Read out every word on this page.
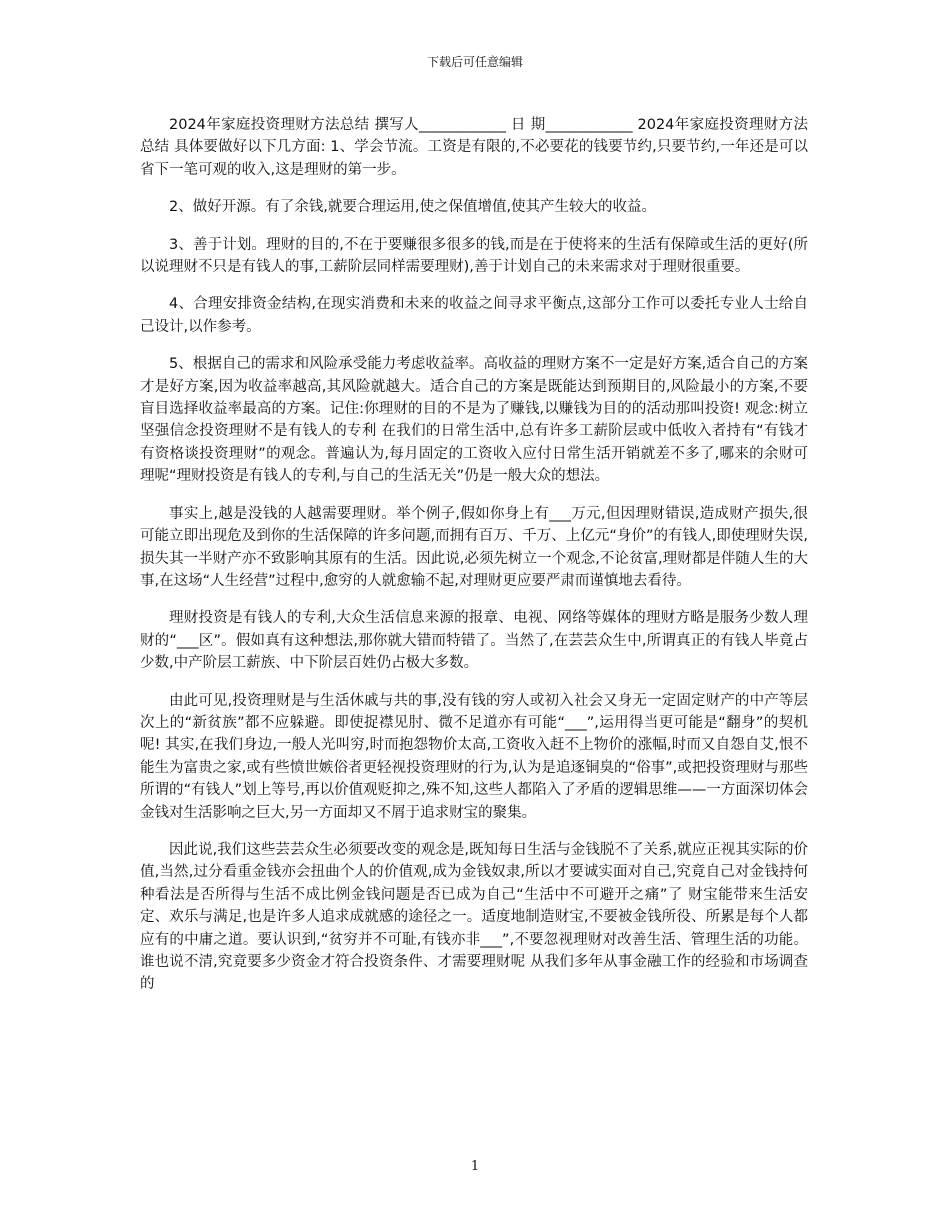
下载后可任意编辑

2024年家庭投资理财方法总结 撰写人____________ 日 期____________ 2024年家庭投资理财方法总结 具体要做好以下几方面: 1、学会节流。工资是有限的,不必要花的钱要节约,只要节约,一年还是可以省下一笔可观的收入,这是理财的第一步。

2、做好开源。有了余钱,就要合理运用,使之保值增值,使其产生较大的收益。

3、善于计划。理财的目的,不在于要赚很多很多的钱,而是在于使将来的生活有保障或生活的更好(所以说理财不只是有钱人的事,工薪阶层同样需要理财),善于计划自己的未来需求对于理财很重要。

4、合理安排资金结构,在现实消费和未来的收益之间寻求平衡点,这部分工作可以委托专业人士给自己设计,以作参考。

5、根据自己的需求和风险承受能力考虑收益率。高收益的理财方案不一定是好方案,适合自己的方案才是好方案,因为收益率越高,其风险就越大。适合自己的方案是既能达到预期目的,风险最小的方案,不要盲目选择收益率最高的方案。记住:你理财的目的不是为了赚钱,以赚钱为目的的活动那叫投资! 观念:树立坚强信念投资理财不是有钱人的专利 在我们的日常生活中,总有许多工薪阶层或中低收入者持有“有钱才有资格谈投资理财”的观念。普遍认为,每月固定的工资收入应付日常生活开销就差不多了,哪来的余财可理呢“理财投资是有钱人的专利,与自己的生活无关”仍是一般大众的想法。

事实上,越是没钱的人越需要理财。举个例子,假如你身上有___万元,但因理财错误,造成财产损失,很可能立即出现危及到你的生活保障的许多问题,而拥有百万、千万、上亿元“身价”的有钱人,即使理财失误,损失其一半财产亦不致影响其原有的生活。因此说,必须先树立一个观念,不论贫富,理财都是伴随人生的大事,在这场“人生经营”过程中,愈穷的人就愈输不起,对理财更应要严肃而谨慎地去看待。

理财投资是有钱人的专利,大众生活信息来源的报章、电视、网络等媒体的理财方略是服务少数人理财的“___区”。假如真有这种想法,那你就大错而特错了。当然了,在芸芸众生中,所谓真正的有钱人毕竟占少数,中产阶层工薪族、中下阶层百姓仍占极大多数。

由此可见,投资理财是与生活休戚与共的事,没有钱的穷人或初入社会又身无一定固定财产的中产等层次上的“新贫族”都不应躲避。即使捉襟见肘、微不足道亦有可能“___”,运用得当更可能是“翻身”的契机呢! 其实,在我们身边,一般人光叫穷,时而抱怨物价太高,工资收入赶不上物价的涨幅,时而又自怨自艾,恨不能生为富贵之家,或有些愤世嫉俗者更轻视投资理财的行为,认为是追逐铜臭的“俗事”,或把投资理财与那些所谓的“有钱人”划上等号,再以价值观贬抑之,殊不知,这些人都陷入了矛盾的逻辑思维——一方面深切体会金钱对生活影响之巨大,另一方面却又不屑于追求财宝的聚集。

因此说,我们这些芸芸众生必须要改变的观念是,既知每日生活与金钱脱不了关系,就应正视其实际的价值,当然,过分看重金钱亦会扭曲个人的价值观,成为金钱奴隶,所以才要诚实面对自己,究竟自己对金钱持何种看法是否所得与生活不成比例金钱问题是否已成为自己“生活中不可避开之痛”了 财宝能带来生活安定、欢乐与满足,也是许多人追求成就感的途径之一。适度地制造财宝,不要被金钱所役、所累是每个人都应有的中庸之道。要认识到,“贫穷并不可耻,有钱亦非___”,不要忽视理财对改善生活、管理生活的功能。谁也说不清,究竟要多少资金才符合投资条件、才需要理财呢 从我们多年从事金融工作的经验和市场调查的

1
